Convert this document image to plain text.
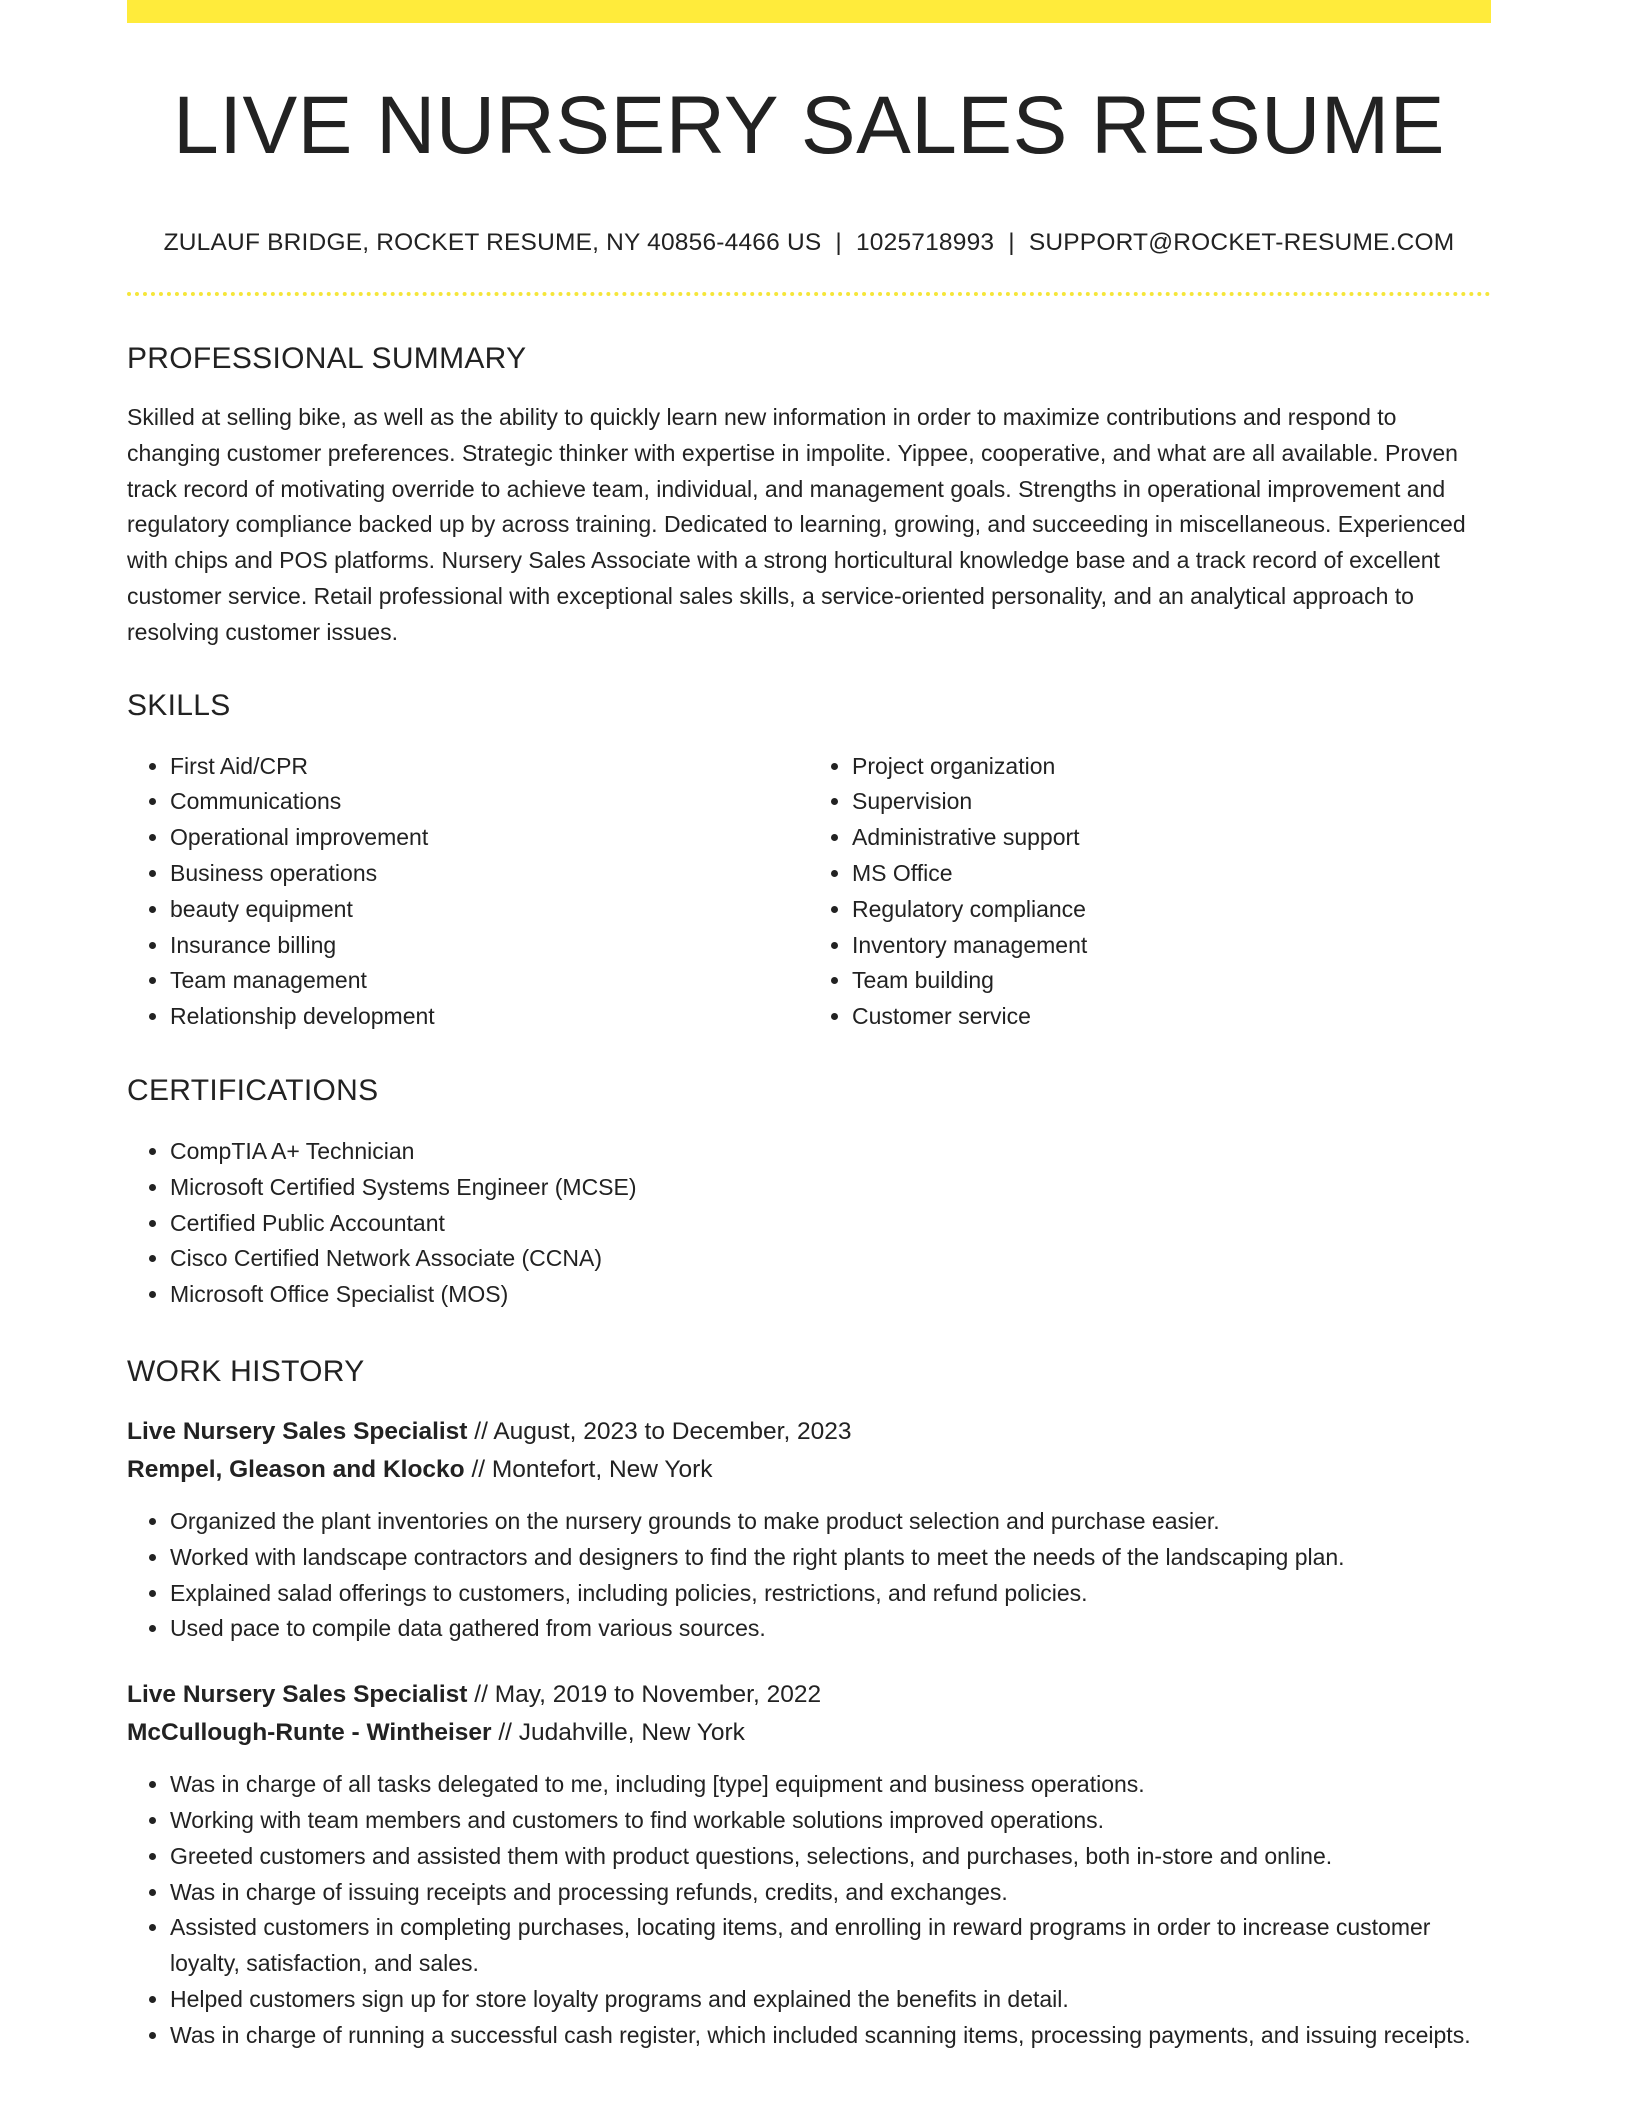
LIVE NURSERY SALES RESUME
ZULAUF BRIDGE, ROCKET RESUME, NY 40856-4466 US | 1025718993 | SUPPORT@ROCKET-RESUME.COM
PROFESSIONAL SUMMARY
Skilled at selling bike, as well as the ability to quickly learn new information in order to maximize contributions and respond to changing customer preferences. Strategic thinker with expertise in impolite. Yippee, cooperative, and what are all available. Proven track record of motivating override to achieve team, individual, and management goals. Strengths in operational improvement and regulatory compliance backed up by across training. Dedicated to learning, growing, and succeeding in miscellaneous. Experienced with chips and POS platforms. Nursery Sales Associate with a strong horticultural knowledge base and a track record of excellent customer service. Retail professional with exceptional sales skills, a service-oriented personality, and an analytical approach to resolving customer issues.
SKILLS
• First Aid/CPR
• Communications
• Operational improvement
• Business operations
• beauty equipment
• Insurance billing
• Team management
• Relationship development
• Project organization
• Supervision
• Administrative support
• MS Office
• Regulatory compliance
• Inventory management
• Team building
• Customer service
CERTIFICATIONS
• CompTIA A+ Technician
• Microsoft Certified Systems Engineer (MCSE)
• Certified Public Accountant
• Cisco Certified Network Associate (CCNA)
• Microsoft Office Specialist (MOS)
WORK HISTORY
Live Nursery Sales Specialist // August, 2023 to December, 2023
Rempel, Gleason and Klocko // Montefort, New York
• Organized the plant inventories on the nursery grounds to make product selection and purchase easier.
• Worked with landscape contractors and designers to find the right plants to meet the needs of the landscaping plan.
• Explained salad offerings to customers, including policies, restrictions, and refund policies.
• Used pace to compile data gathered from various sources.
Live Nursery Sales Specialist // May, 2019 to November, 2022
McCullough-Runte - Wintheiser // Judahville, New York
• Was in charge of all tasks delegated to me, including [type] equipment and business operations.
• Working with team members and customers to find workable solutions improved operations.
• Greeted customers and assisted them with product questions, selections, and purchases, both in-store and online.
• Was in charge of issuing receipts and processing refunds, credits, and exchanges.
• Assisted customers in completing purchases, locating items, and enrolling in reward programs in order to increase customer loyalty, satisfaction, and sales.
• Helped customers sign up for store loyalty programs and explained the benefits in detail.
• Was in charge of running a successful cash register, which included scanning items, processing payments, and issuing receipts.
